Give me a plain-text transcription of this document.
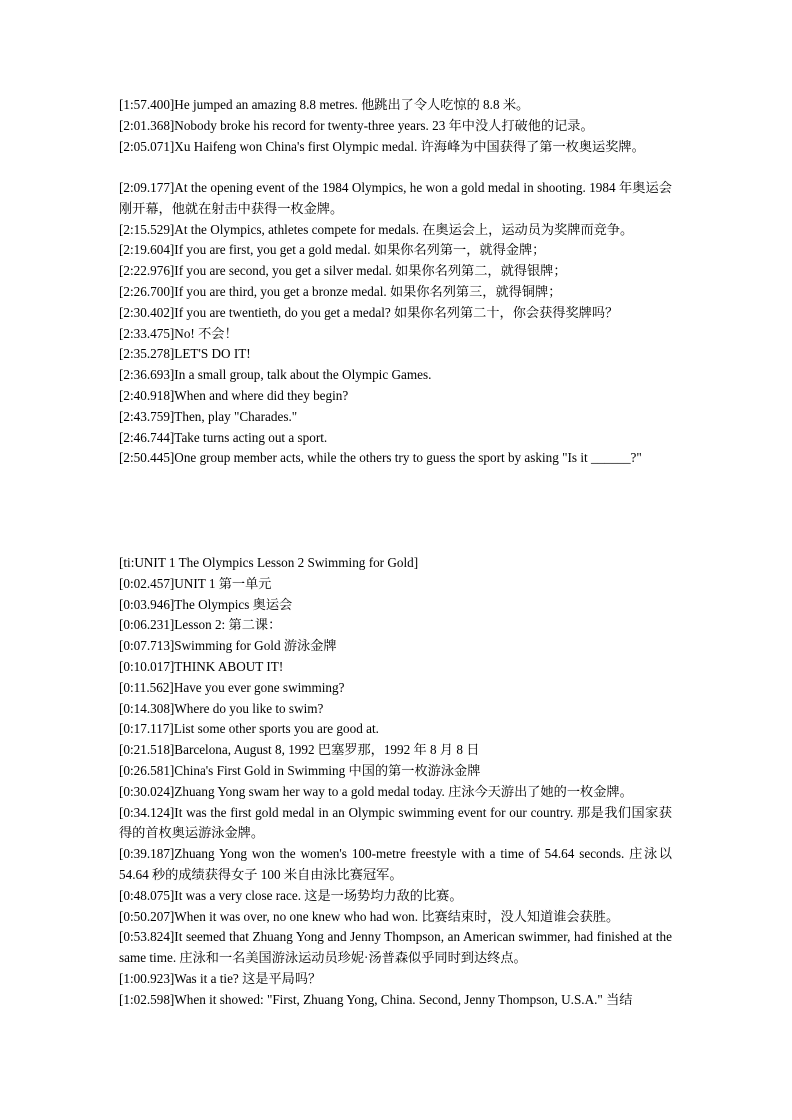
[1:57.400]He jumped an amazing 8.8 metres. 他跳出了令人吃惊的 8.8 米。

[2:01.368]Nobody broke his record for twenty-three years. 23 年中没人打破他的记录。

[2:05.071]Xu Haifeng won China's first Olympic medal. 许海峰为中国获得了第一枚奥运奖牌。

[2:09.177]At the opening event of the 1984 Olympics, he won a gold medal in shooting. 1984 年奥运会刚开幕，他就在射击中获得一枚金牌。

[2:15.529]At the Olympics, athletes compete for medals. 在奥运会上，运动员为奖牌而竞争。

[2:19.604]If you are first, you get a gold medal. 如果你名列第一，就得金牌；

[2:22.976]If you are second, you get a silver medal. 如果你名列第二，就得银牌；

[2:26.700]If you are third, you get a bronze medal. 如果你名列第三，就得铜牌；

[2:30.402]If you are twentieth, do you get a medal? 如果你名列第二十，你会获得奖牌吗？

[2:33.475]No! 不会！

[2:35.278]LET'S DO IT!

[2:36.693]In a small group, talk about the Olympic Games.

[2:40.918]When and where did they begin?

[2:43.759]Then, play "Charades."

[2:46.744]Take turns acting out a sport.

[2:50.445]One group member acts, while the others try to guess the sport by asking "Is it ______?"

[ti:UNIT 1 The Olympics Lesson 2 Swimming for Gold]

[0:02.457]UNIT 1 第一单元

[0:03.946]The Olympics 奥运会

[0:06.231]Lesson 2: 第二课：

[0:07.713]Swimming for Gold 游泳金牌

[0:10.017]THINK ABOUT IT!

[0:11.562]Have you ever gone swimming?

[0:14.308]Where do you like to swim?

[0:17.117]List some other sports you are good at.

[0:21.518]Barcelona, August 8, 1992 巴塞罗那，1992 年 8 月 8 日

[0:26.581]China's First Gold in Swimming 中国的第一枚游泳金牌

[0:30.024]Zhuang Yong swam her way to a gold medal today. 庄泳今天游出了她的一枚金牌。

[0:34.124]It was the first gold medal in an Olympic swimming event for our country. 那是我们国家获得的首枚奥运游泳金牌。

[0:39.187]Zhuang Yong won the women's 100-metre freestyle with a time of 54.64 seconds. 庄泳以 54.64 秒的成绩获得女子 100 米自由泳比赛冠军。

[0:48.075]It was a very close race. 这是一场势均力敌的比赛。

[0:50.207]When it was over, no one knew who had won. 比赛结束时，没人知道谁会获胜。

[0:53.824]It seemed that Zhuang Yong and Jenny Thompson, an American swimmer, had finished at the same time. 庄泳和一名美国游泳运动员珍妮·汤普森似乎同时到达终点。

[1:00.923]Was it a tie? 这是平局吗？

[1:02.598]When it showed: "First, Zhuang Yong, China. Second, Jenny Thompson, U.S.A." 当结
